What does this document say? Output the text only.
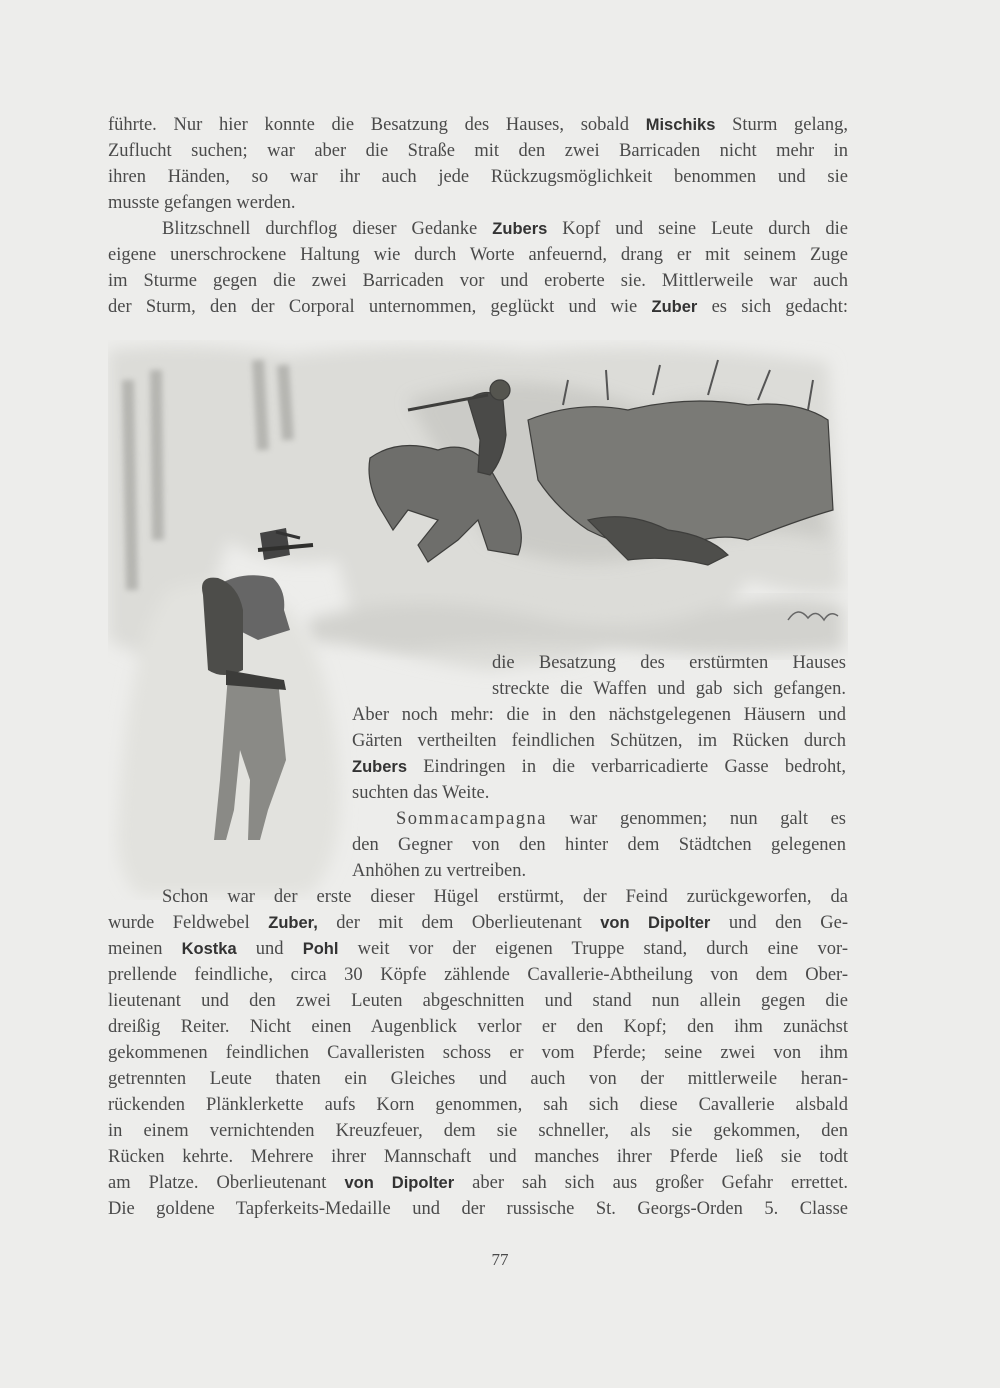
führte. Nur hier konnte die Besatzung des Hauses, sobald Mischiks Sturm gelang,
Zuflucht suchen; war aber die Straße mit den zwei Barricaden nicht mehr in
ihren Händen, so war ihr auch jede Rückzugsmöglichkeit benommen und sie
musste gefangen werden.
Blitzschnell durchflog dieser Gedanke Zubers Kopf und seine Leute durch die
eigene unerschrockene Haltung wie durch Worte anfeuernd, drang er mit seinem Zuge
im Sturme gegen die zwei Barricaden vor und eroberte sie. Mittlerweile war auch
der Sturm, den der Corporal unternommen, geglückt und wie Zuber es sich gedacht:
die Besatzung des erstürmten Hauses
streckte die Waffen und gab sich gefangen.
Aber noch mehr: die in den nächstgelegenen Häusern und
Gärten vertheilten feindlichen Schützen, im Rücken durch
Zubers Eindringen in die verbarricadierte Gasse bedroht,
suchten das Weite.
Sommacampagna war genommen; nun galt es
den Gegner von den hinter dem Städtchen gelegenen
Anhöhen zu vertreiben.
Schon war der erste dieser Hügel erstürmt, der Feind zurückgeworfen, da
wurde Feldwebel Zuber, der mit dem Oberlieutenant von Dipolter und den Ge-
meinen Kostka und Pohl weit vor der eigenen Truppe stand, durch eine vor-
prellende feindliche, circa 30 Köpfe zählende Cavallerie-Abtheilung von dem Ober-
lieutenant und den zwei Leuten abgeschnitten und stand nun allein gegen die
dreißig Reiter. Nicht einen Augenblick verlor er den Kopf; den ihm zunächst
gekommenen feindlichen Cavalleristen schoss er vom Pferde; seine zwei von ihm
getrennten Leute thaten ein Gleiches und auch von der mittlerweile heran-
rückenden Plänklerkette aufs Korn genommen, sah sich diese Cavallerie alsbald
in einem vernichtenden Kreuzfeuer, dem sie schneller, als sie gekommen, den
Rücken kehrte. Mehrere ihrer Mannschaft und manches ihrer Pferde ließ sie todt
am Platze. Oberlieutenant von Dipolter aber sah sich aus großer Gefahr errettet.
Die goldene Tapferkeits-Medaille und der russische St. Georgs-Orden 5. Classe
77
